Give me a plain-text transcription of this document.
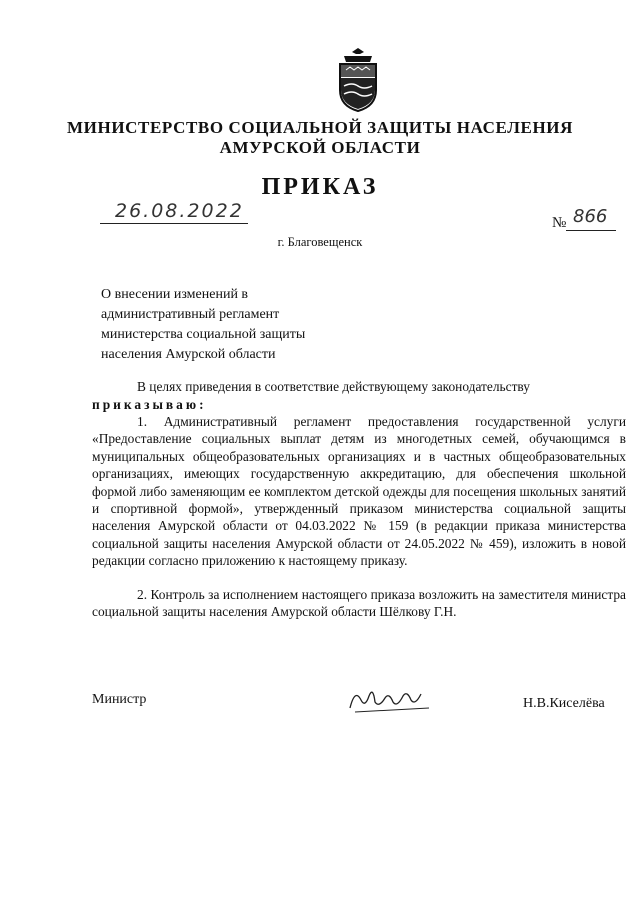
МИНИСТЕРСТВО СОЦИАЛЬНОЙ ЗАЩИТЫ НАСЕЛЕНИЯ
АМУРСКОЙ ОБЛАСТИ
ПРИКАЗ
26.08.2022
№ 866
г. Благовещенск
О внесении изменений в
административный регламент
министерства социальной защиты
населения Амурской области
В целях приведения в соответствие действующему законодательству
приказываю:
1. Административный регламент предоставления государственной услуги «Предоставление социальных выплат детям из многодетных семей, обучающимся в муниципальных общеобразовательных организациях и в частных общеобразовательных организациях, имеющих государственную аккредитацию, для обеспечения школьной формой либо заменяющим ее комплектом детской одежды для посещения школьных занятий и спортивной формой», утвержденный приказом министерства социальной защиты населения Амурской области от 04.03.2022 № 159 (в редакции приказа министерства социальной защиты населения Амурской области от 24.05.2022 № 459), изложить в новой редакции согласно приложению к настоящему приказу.
2. Контроль за исполнением настоящего приказа возложить на заместителя министра социальной защиты населения Амурской области Шёлкову Г.Н.
Министр	Н.В.Киселёва
